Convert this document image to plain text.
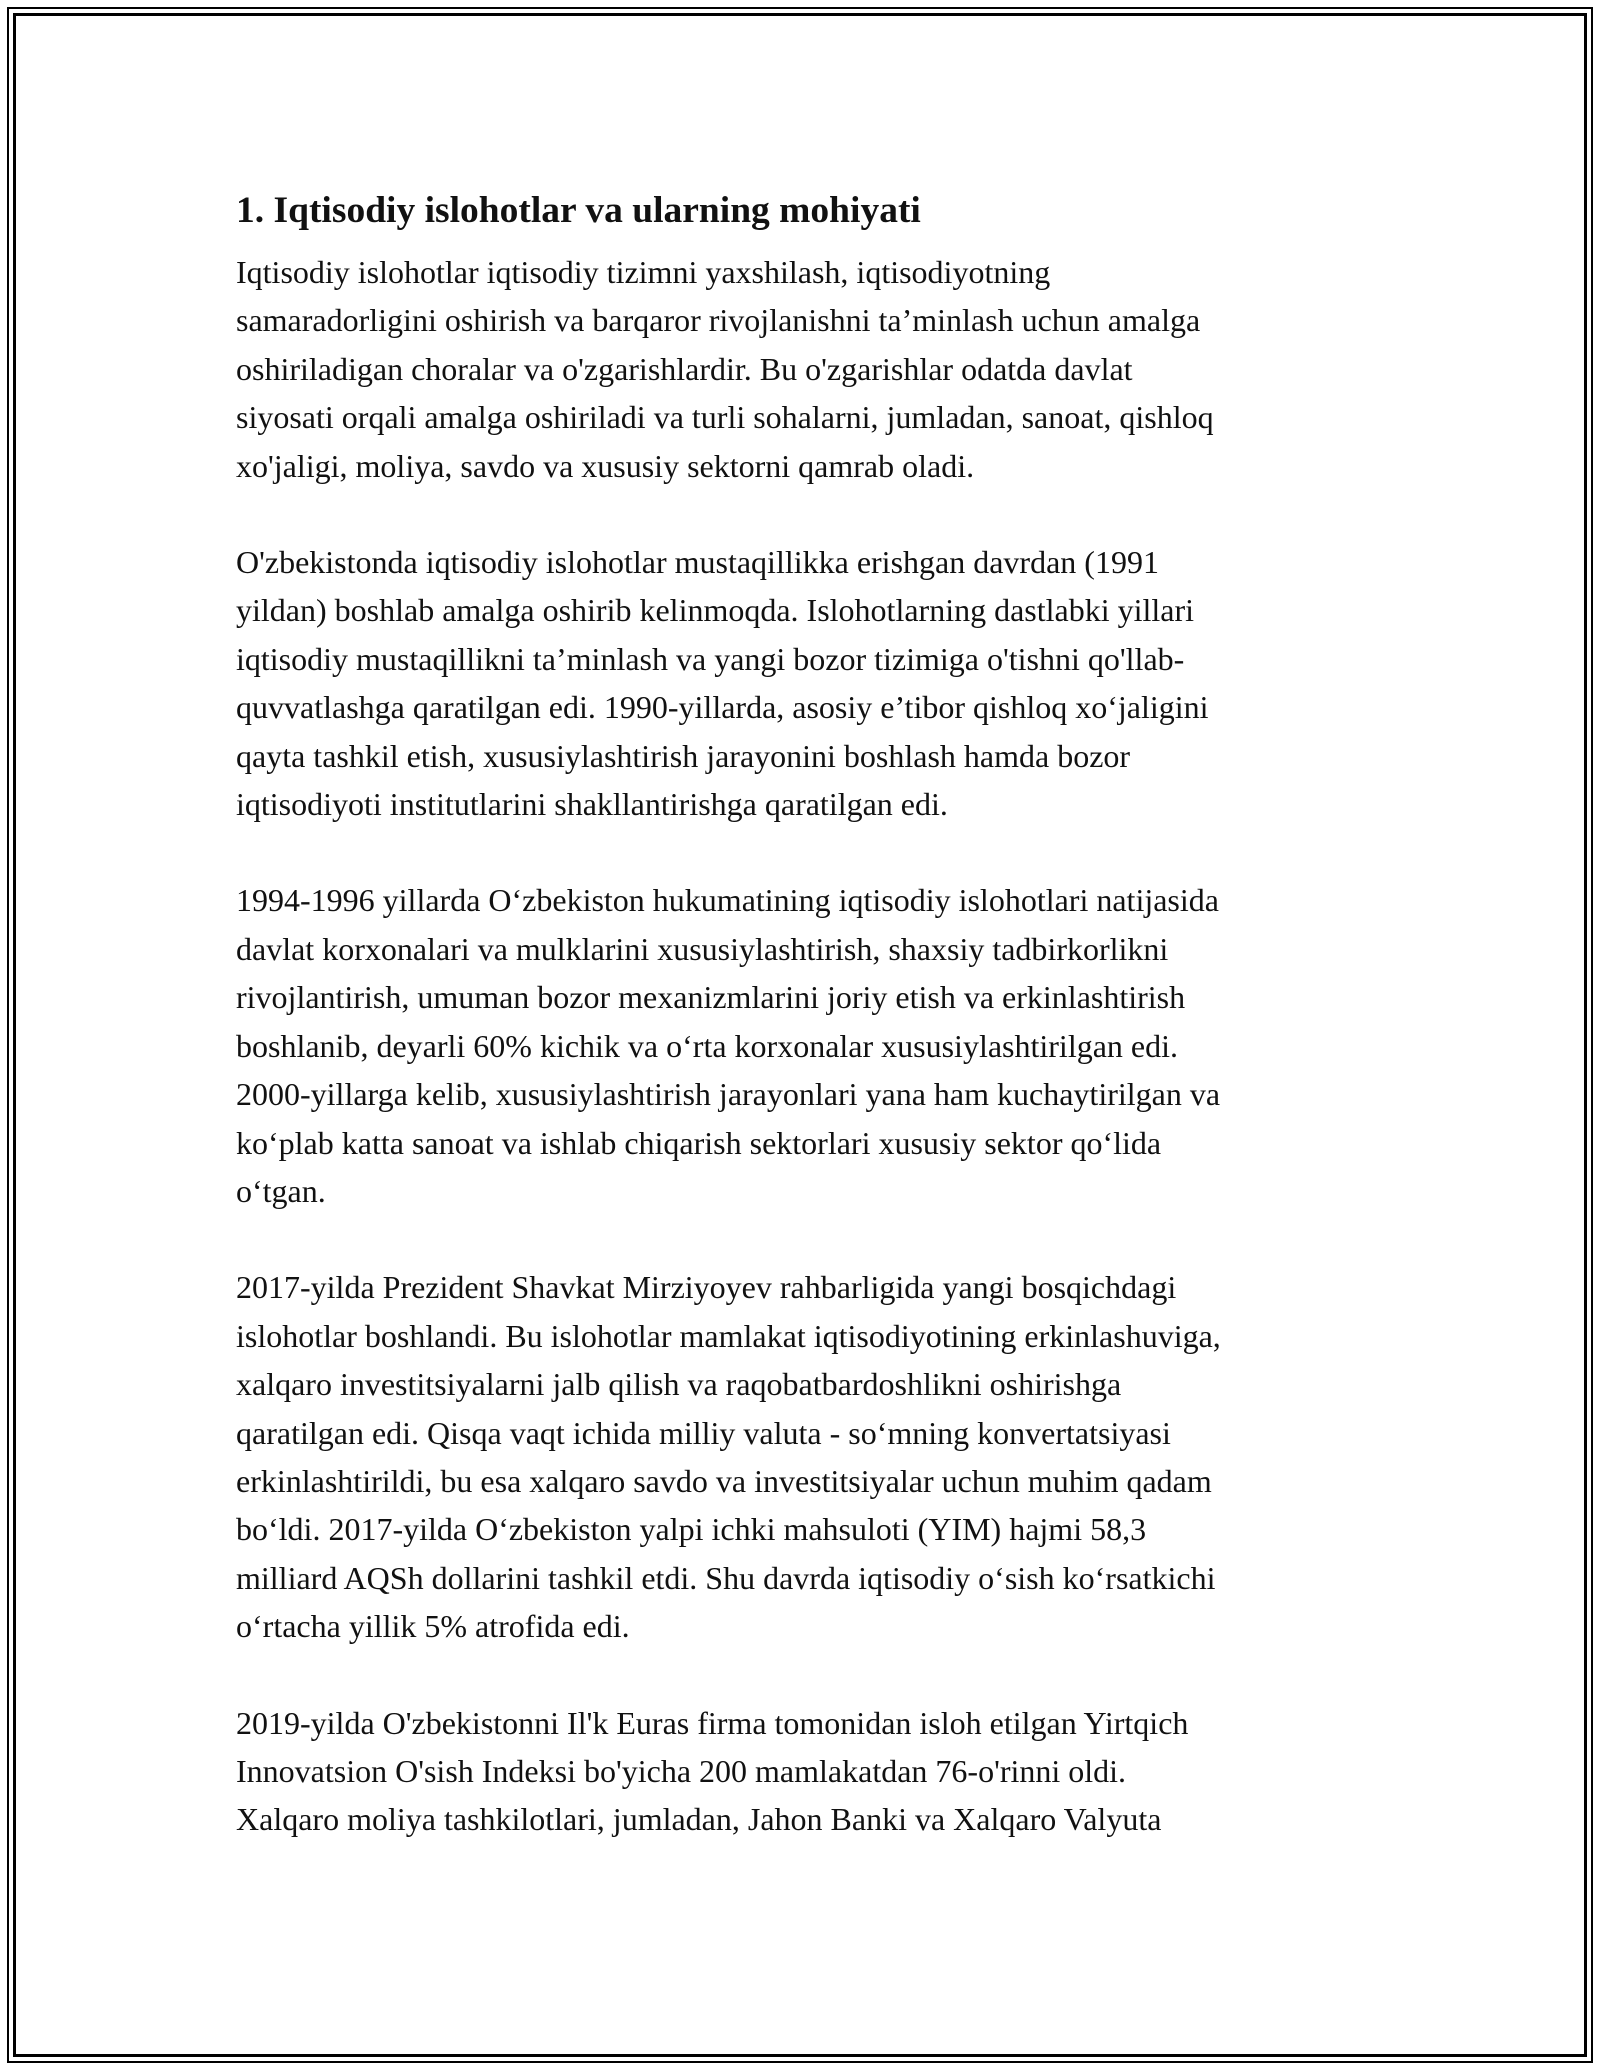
1. Iqtisodiy islohotlar va ularning mohiyati
Iqtisodiy islohotlar iqtisodiy tizimni yaxshilash, iqtisodiyotning
samaradorligini oshirish va barqaror rivojlanishni ta’minlash uchun amalga
oshiriladigan choralar va o'zgarishlardir. Bu o'zgarishlar odatda davlat
siyosati orqali amalga oshiriladi va turli sohalarni, jumladan, sanoat, qishloq
xo'jaligi, moliya, savdo va xususiy sektorni qamrab oladi.
O'zbekistonda iqtisodiy islohotlar mustaqillikka erishgan davrdan (1991
yildan) boshlab amalga oshirib kelinmoqda. Islohotlarning dastlabki yillari
iqtisodiy mustaqillikni ta’minlash va yangi bozor tizimiga o'tishni qo'llab-
quvvatlashga qaratilgan edi. 1990-yillarda, asosiy e’tibor qishloq xo‘jaligini
qayta tashkil etish, xususiylashtirish jarayonini boshlash hamda bozor
iqtisodiyoti institutlarini shakllantirishga qaratilgan edi.
1994-1996 yillarda O‘zbekiston hukumatining iqtisodiy islohotlari natijasida
davlat korxonalari va mulklarini xususiylashtirish, shaxsiy tadbirkorlikni
rivojlantirish, umuman bozor mexanizmlarini joriy etish va erkinlashtirish
boshlanib, deyarli 60% kichik va o‘rta korxonalar xususiylashtirilgan edi.
2000-yillarga kelib, xususiylashtirish jarayonlari yana ham kuchaytirilgan va
ko‘plab katta sanoat va ishlab chiqarish sektorlari xususiy sektor qo‘lida
o‘tgan.
2017-yilda Prezident Shavkat Mirziyoyev rahbarligida yangi bosqichdagi
islohotlar boshlandi. Bu islohotlar mamlakat iqtisodiyotining erkinlashuviga,
xalqaro investitsiyalarni jalb qilish va raqobatbardoshlikni oshirishga
qaratilgan edi. Qisqa vaqt ichida milliy valuta - so‘mning konvertatsiyasi
erkinlashtirildi, bu esa xalqaro savdo va investitsiyalar uchun muhim qadam
bo‘ldi. 2017-yilda O‘zbekiston yalpi ichki mahsuloti (YIM) hajmi 58,3
milliard AQSh dollarini tashkil etdi. Shu davrda iqtisodiy o‘sish ko‘rsatkichi
o‘rtacha yillik 5% atrofida edi.
2019-yilda O'zbekistonni Il'k Euras firma tomonidan isloh etilgan Yirtqich
Innovatsion O'sish Indeksi bo'yicha 200 mamlakatdan 76-o'rinni oldi.
Xalqaro moliya tashkilotlari, jumladan, Jahon Banki va Xalqaro Valyuta
